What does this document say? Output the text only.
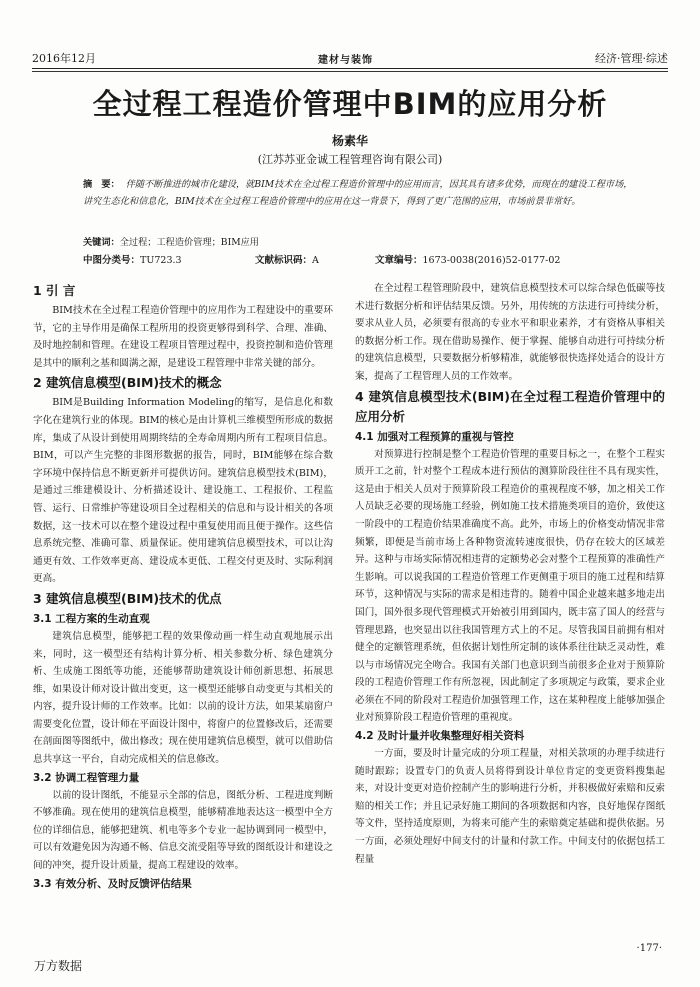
2016年12月	建材与装饰	经济·管理·综述
全过程工程造价管理中BIM的应用分析
杨素华
(江苏苏亚金诚工程管理咨询有限公司)
摘　要： 伴随不断推进的城市化建设，就BIM技术在全过程工程造价管理中的应用而言，因其具有诸多优势，而现在的建设工程市场，讲究生态化和信息化，BIM技术在全过程工程造价管理中的应用在这一背景下，得到了更广范围的应用，市场前景非常好。
关键词：全过程；工程造价管理；BIM应用
中图分类号：TU723.3	文献标识码：A	文章编号：1673-0038(2016)52-0177-02
1 引 言

BIM技术在全过程工程造价管理中的应用作为工程建设中的重要环节，它的主导作用是确保工程所用的投资更够得到科学、合理、准确、及时地控制和管理。在建设工程项目管理过程中，投资控制和造价管理是其中的顺利之基和圆满之源，是建设工程管理中非常关键的部分。

2 建筑信息模型(BIM)技术的概念

BIM是Building Information Modeling的缩写，是信息化和数字化在建筑行业的体现。BIM的核心是由计算机三维模型所形成的数据库，集成了从设计到使用周期终结的全寿命周期内所有工程项目信息。BIM，可以产生完整的非图形数据的报告，同时，BIM能够在综合数字环境中保持信息不断更新并可提供访问。建筑信息模型技术(BIM)，是通过三维建模设计、分析描述设计、建设施工、工程报价、工程监管、运行、日常维护等建设项目全过程相关的信息和与设计相关的各项数据，这一技术可以在整个建设过程中重复使用而且便于操作。这些信息系统完整、准确可靠、质量保证。使用建筑信息模型技术，可以让沟通更有效、工作效率更高、建设成本更低、工程交付更及时、实际利润更高。

3 建筑信息模型(BIM)技术的优点
3.1 工程方案的生动直观

建筑信息模型，能够把工程的效果像动画一样生动直观地展示出来，同时，这一模型还有结构计算分析、相关参数分析、绿色建筑分析、生成施工图纸等功能，还能够帮助建筑设计师创新思想、拓展思维，如果设计师对设计做出变更，这一模型还能够自动变更与其相关的内容，提升设计师的工作效率。比如：以前的设计方法，如果某扇窗户需要变化位置，设计师在平面设计图中，将窗户的位置修改后，还需要在剖面图等图纸中，做出修改；现在使用建筑信息模型，就可以借助信息共享这一平台，自动完成相关的信息修改。

3.2 协调工程管理力量

以前的设计图纸，不能显示全部的信息，图纸分析、工程进度判断不够准确。现在使用的建筑信息模型，能够精准地表达这一模型中全方位的详细信息，能够把建筑、机电等多个专业一起协调到同一模型中，可以有效避免因为沟通不畅、信息交流受阻等导致的图纸设计和建设之间的冲突，提升设计质量，提高工程建设的效率。

3.3 有效分析、及时反馈评估结果

在全过程工程管理阶段中，建筑信息模型技术可以综合绿色低碳等技术进行数据分析和评估结果反馈。另外，用传统的方法进行可持续分析，要求从业人员，必须要有很高的专业水平和职业素养，才有资格从事相关的数据分析工作。现在借助易操作、便于掌握、能够自动进行可持续分析的建筑信息模型，只要数据分析够精准，就能够很快选择处适合的设计方案，提高了工程管理人员的工作效率。

4 建筑信息模型技术(BIM)在全过程工程造价管理中的应用分析
4.1 加强对工程预算的重视与管控

对预算进行控制是整个工程造价管理的重要目标之一，在整个工程实质开工之前，针对整个工程成本进行预估的测算阶段往往不具有现实性，这是由于相关人员对于预算阶段工程造价的重视程度不够，加之相关工作人员缺乏必要的现场施工经验，例如施工技术措施类项目的造价，致使这一阶段中的工程造价结果准确度不高。此外，市场上的价格变动情况非常频繁，即便是当前市场上各种物资流转速度很快，仍存在较大的区域差异。这种与市场实际情况相违背的定额势必会对整个工程预算的准确性产生影响。可以说我国的工程造价管理工作更侧重于项目的施工过程和结算环节，这种情况与实际的需求是相违背的。随着中国企业越来越多地走出国门，国外很多现代管理模式开始被引用到国内，既丰富了国人的经营与管理思路，也突显出以往我国管理方式上的不足。尽管我国目前拥有相对健全的定额管理系统，但依据计划性所定制的该体系往往缺乏灵动性，难以与市场情况完全吻合。我国有关部门也意识到当前很多企业对于预算阶段的工程造价管理工作有所忽视，因此制定了多项规定与政策，要求企业必须在不同的阶段对工程造价加强管理工作，这在某种程度上能够加强企业对预算阶段工程造价管理的重视度。

4.2 及时计量并收集整理好相关资料

一方面，要及时计量完成的分项工程量，对相关款项的办理手续进行随时跟踪；设置专门的负责人员将得到设计单位肯定的变更资料搜集起来，对设计变更对造价控制产生的影响进行分析，并积极做好索赔和反索赔的相关工作；并且记录好施工期间的各项数据和内容，良好地保存图纸等文件，坚持适度原则，为将来可能产生的索赔奠定基础和提供依据。另一方面，必须处理好中间支付的计量和付款工作。中间支付的依据包括工程量

·177·
万方数据
